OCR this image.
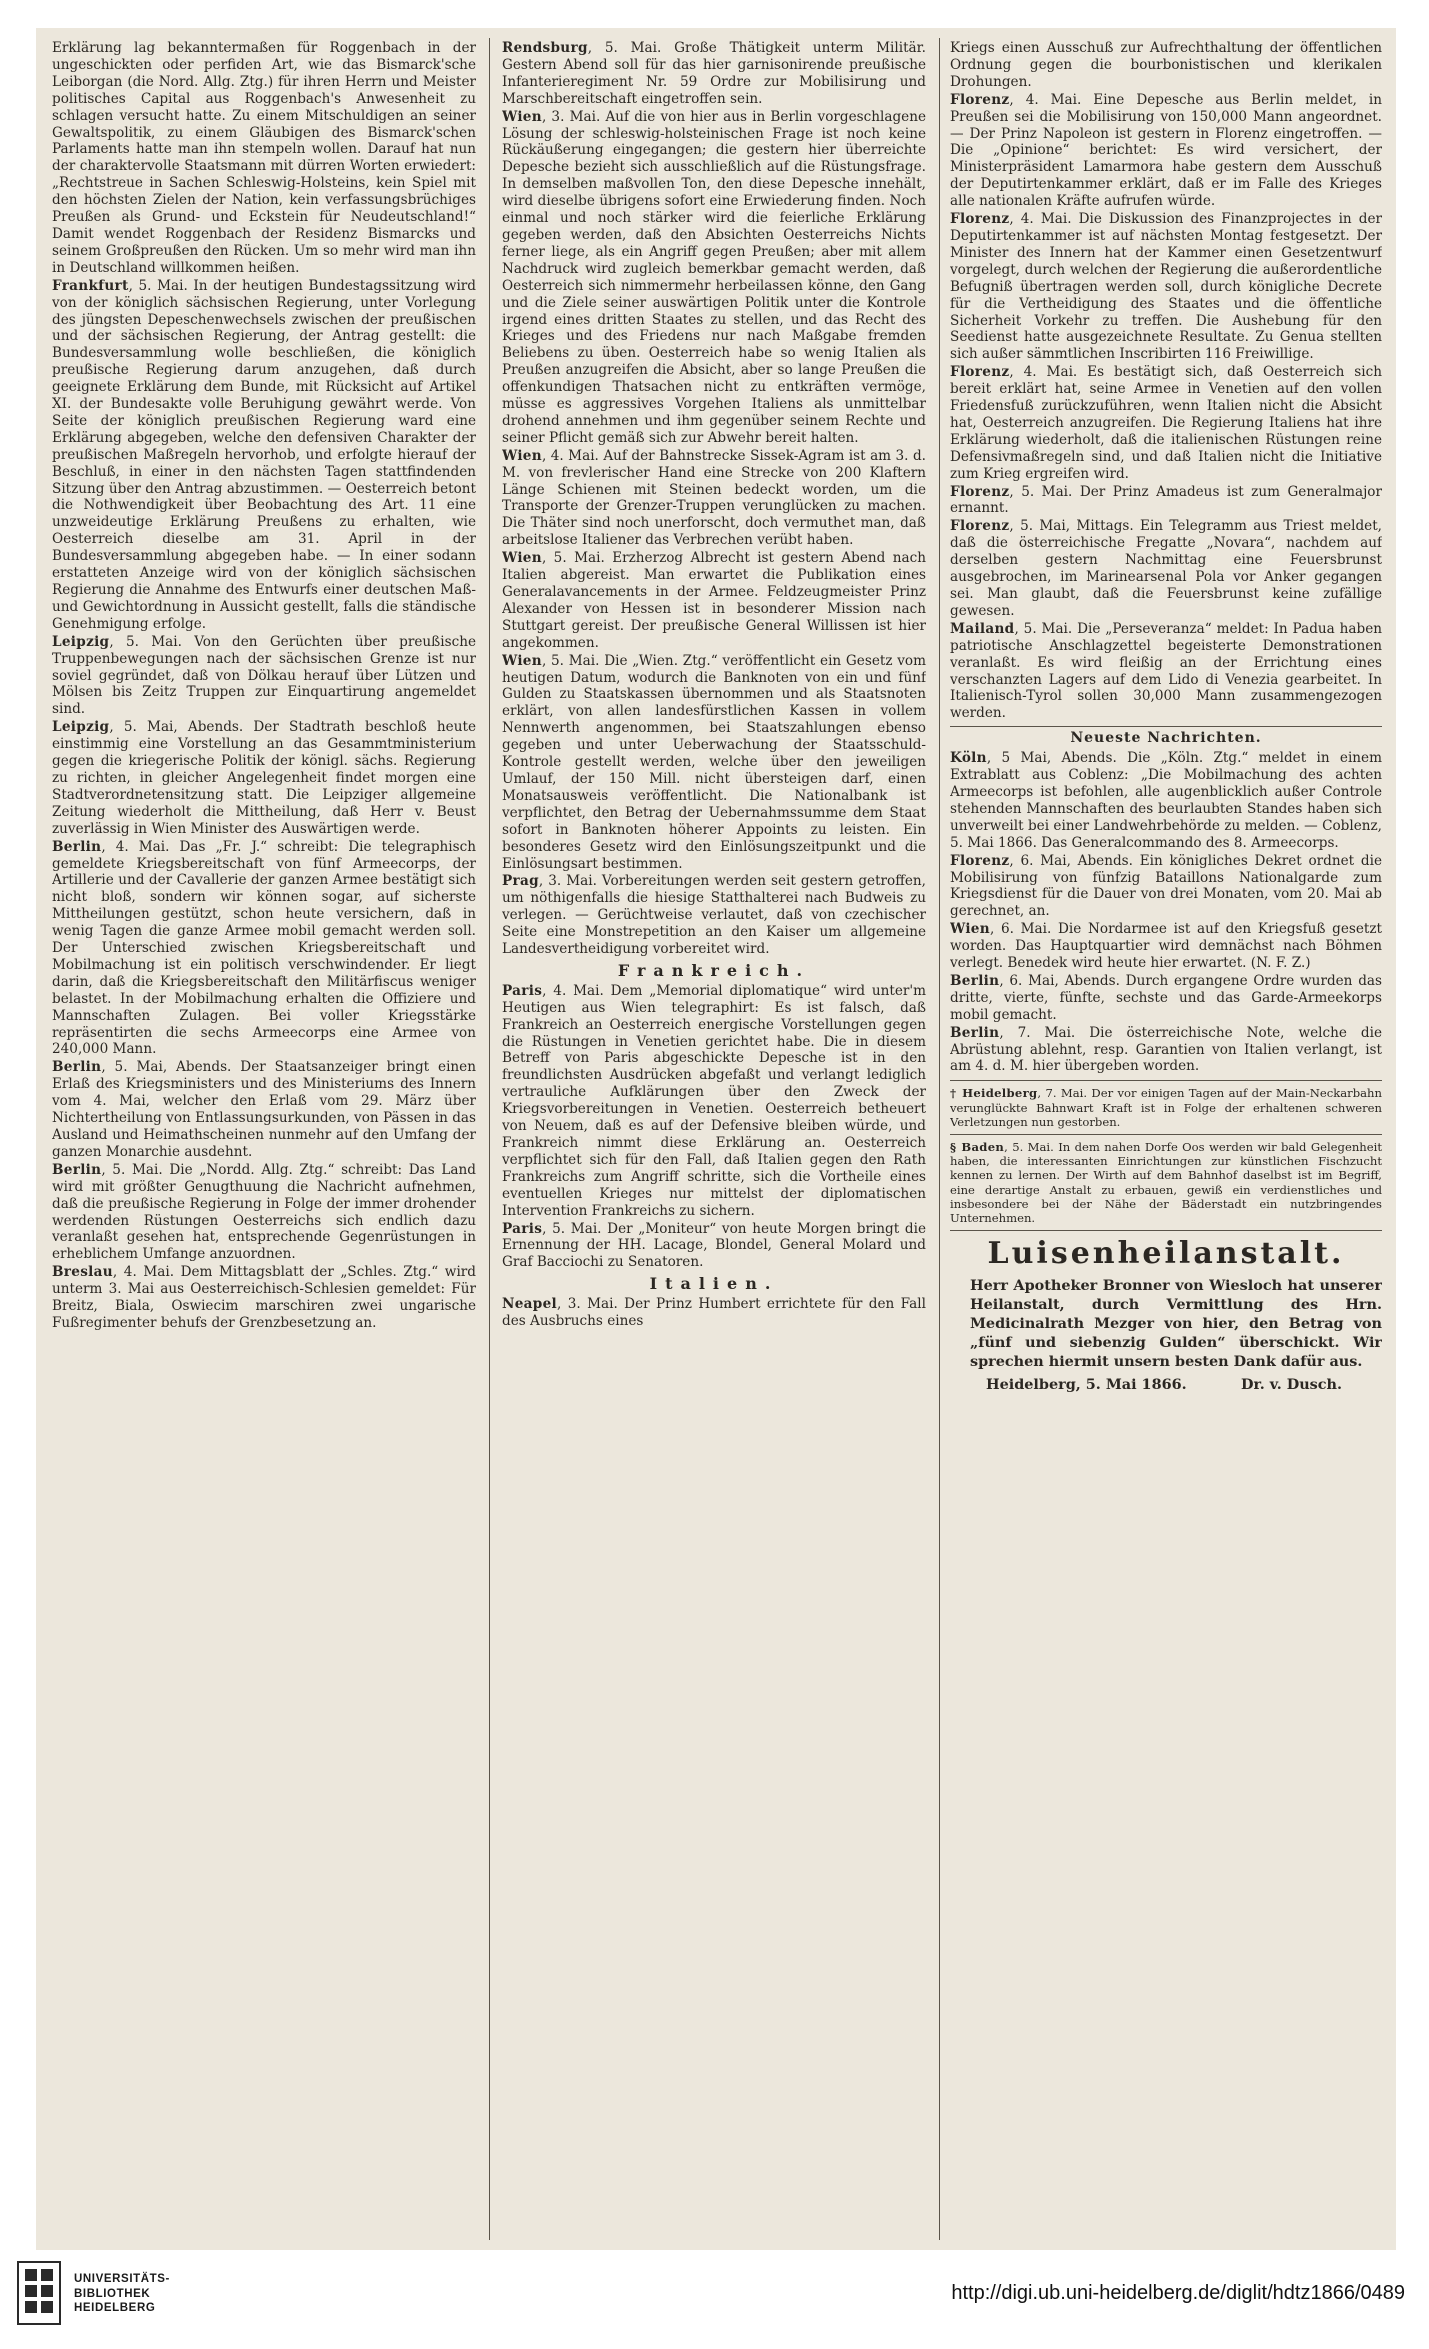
Erklärung lag bekanntermaßen für Roggenbach in der ungeschickten oder perfiden Art, wie das Bismarck'sche Leiborgan (die Nord. Allg. Ztg.) für ihren Herrn und Meister politisches Capital aus Roggenbach's Anwesenheit zu schlagen versucht hatte. Zu einem Mitschuldigen an seiner Gewaltspolitik, zu einem Gläubigen des Bismarck'schen Parlaments hatte man ihn stempeln wollen. Darauf hat nun der charaktervolle Staatsmann mit dürren Worten erwiedert: „Rechtstreue in Sachen Schleswig-Holsteins, kein Spiel mit den höchsten Zielen der Nation, kein verfassungsbrüchiges Preußen als Grund- und Eckstein für Neudeutschland!“ Damit wendet Roggenbach der Residenz Bismarcks und seinem Großpreußen den Rücken. Um so mehr wird man ihn in Deutschland willkommen heißen.

Frankfurt, 5. Mai. In der heutigen Bundestagssitzung wird von der königlich sächsischen Regierung, unter Vorlegung des jüngsten Depeschenwechsels zwischen der preußischen und der sächsischen Regierung, der Antrag gestellt: die Bundesversammlung wolle beschließen, die königlich preußische Regierung darum anzugehen, daß durch geeignete Erklärung dem Bunde, mit Rücksicht auf Artikel XI. der Bundesakte volle Beruhigung gewährt werde. Von Seite der königlich preußischen Regierung ward eine Erklärung abgegeben, welche den defensiven Charakter der preußischen Maßregeln hervorhob, und erfolgte hierauf der Beschluß, in einer in den nächsten Tagen stattfindenden Sitzung über den Antrag abzustimmen. — Oesterreich betont die Nothwendigkeit über Beobachtung des Art. 11 eine unzweideutige Erklärung Preußens zu erhalten, wie Oesterreich dieselbe am 31. April in der Bundesversammlung abgegeben habe. — In einer sodann erstatteten Anzeige wird von der königlich sächsischen Regierung die Annahme des Entwurfs einer deutschen Maß- und Gewichtordnung in Aussicht gestellt, falls die ständische Genehmigung erfolge.

Leipzig, 5. Mai. Von den Gerüchten über preußische Truppenbewegungen nach der sächsischen Grenze ist nur soviel gegründet, daß von Dölkau herauf über Lützen und Mölsen bis Zeitz Truppen zur Einquartirung angemeldet sind.

Leipzig, 5. Mai, Abends. Der Stadtrath beschloß heute einstimmig eine Vorstellung an das Gesammtministerium gegen die kriegerische Politik der königl. sächs. Regierung zu richten, in gleicher Angelegenheit findet morgen eine Stadtverordnetensitzung statt. Die Leipziger allgemeine Zeitung wiederholt die Mittheilung, daß Herr v. Beust zuverlässig in Wien Minister des Auswärtigen werde.

Berlin, 4. Mai. Das „Fr. J.“ schreibt: Die telegraphisch gemeldete Kriegsbereitschaft von fünf Armeecorps, der Artillerie und der Cavallerie der ganzen Armee bestätigt sich nicht bloß, sondern wir können sogar, auf sicherste Mittheilungen gestützt, schon heute versichern, daß in wenig Tagen die ganze Armee mobil gemacht werden soll. Der Unterschied zwischen Kriegsbereitschaft und Mobilmachung ist ein politisch verschwindender. Er liegt darin, daß die Kriegsbereitschaft den Militärfiscus weniger belastet. In der Mobilmachung erhalten die Offiziere und Mannschaften Zulagen. Bei voller Kriegsstärke repräsentirten die sechs Armeecorps eine Armee von 240,000 Mann.

Berlin, 5. Mai, Abends. Der Staatsanzeiger bringt einen Erlaß des Kriegsministers und des Ministeriums des Innern vom 4. Mai, welcher den Erlaß vom 29. März über Nichtertheilung von Entlassungsurkunden, von Pässen in das Ausland und Heimathscheinen nunmehr auf den Umfang der ganzen Monarchie ausdehnt.

Berlin, 5. Mai. Die „Nordd. Allg. Ztg.“ schreibt: Das Land wird mit größter Genugthuung die Nachricht aufnehmen, daß die preußische Regierung in Folge der immer drohender werdenden Rüstungen Oesterreichs sich endlich dazu veranlaßt gesehen hat, entsprechende Gegenrüstungen in erheblichem Umfange anzuordnen.

Breslau, 4. Mai. Dem Mittagsblatt der „Schles. Ztg.“ wird unterm 3. Mai aus Oesterreichisch-Schlesien gemeldet: Für Breitz, Biala, Oswiecim marschiren zwei ungarische Fußregimenter behufs der Grenzbesetzung an.

Rendsburg, 5. Mai. Große Thätigkeit unterm Militär. Gestern Abend soll für das hier garnisonirende preußische Infanterieregiment Nr. 59 Ordre zur Mobilisirung und Marschbereitschaft eingetroffen sein.

Wien, 3. Mai. Auf die von hier aus in Berlin vorgeschlagene Lösung der schleswig-holsteinischen Frage ist noch keine Rückäußerung eingegangen; die gestern hier überreichte Depesche bezieht sich ausschließlich auf die Rüstungsfrage. In demselben maßvollen Ton, den diese Depesche innehält, wird dieselbe übrigens sofort eine Erwiederung finden. Noch einmal und noch stärker wird die feierliche Erklärung gegeben werden, daß den Absichten Oesterreichs Nichts ferner liege, als ein Angriff gegen Preußen; aber mit allem Nachdruck wird zugleich bemerkbar gemacht werden, daß Oesterreich sich nimmermehr herbeilassen könne, den Gang und die Ziele seiner auswärtigen Politik unter die Kontrole irgend eines dritten Staates zu stellen, und das Recht des Krieges und des Friedens nur nach Maßgabe fremden Beliebens zu üben. Oesterreich habe so wenig Italien als Preußen anzugreifen die Absicht, aber so lange Preußen die offenkundigen Thatsachen nicht zu entkräften vermöge, müsse es aggressives Vorgehen Italiens als unmittelbar drohend annehmen und ihm gegenüber seinem Rechte und seiner Pflicht gemäß sich zur Abwehr bereit halten.

Wien, 4. Mai. Auf der Bahnstrecke Sissek-Agram ist am 3. d. M. von frevlerischer Hand eine Strecke von 200 Klaftern Länge Schienen mit Steinen bedeckt worden, um die Transporte der Grenzer-Truppen verunglücken zu machen. Die Thäter sind noch unerforscht, doch vermuthet man, daß arbeitslose Italiener das Verbrechen verübt haben.

Wien, 5. Mai. Erzherzog Albrecht ist gestern Abend nach Italien abgereist. Man erwartet die Publikation eines Generalavancements in der Armee. Feldzeugmeister Prinz Alexander von Hessen ist in besonderer Mission nach Stuttgart gereist. Der preußische General Willissen ist hier angekommen.

Wien, 5. Mai. Die „Wien. Ztg.“ veröffentlicht ein Gesetz vom heutigen Datum, wodurch die Banknoten von ein und fünf Gulden zu Staatskassen übernommen und als Staatsnoten erklärt, von allen landesfürstlichen Kassen in vollem Nennwerth angenommen, bei Staatszahlungen ebenso gegeben und unter Ueberwachung der Staatsschuld-Kontrole gestellt werden, welche über den jeweiligen Umlauf, der 150 Mill. nicht übersteigen darf, einen Monatsausweis veröffentlicht. Die Nationalbank ist verpflichtet, den Betrag der Uebernahmssumme dem Staat sofort in Banknoten höherer Appoints zu leisten. Ein besonderes Gesetz wird den Einlösungszeitpunkt und die Einlösungsart bestimmen.

Prag, 3. Mai. Vorbereitungen werden seit gestern getroffen, um nöthigenfalls die hiesige Statthalterei nach Budweis zu verlegen. — Gerüchtweise verlautet, daß von czechischer Seite eine Monstrepetition an den Kaiser um allgemeine Landesvertheidigung vorbereitet wird.

Frankreich.

Paris, 4. Mai. Dem „Memorial diplomatique“ wird unter'm Heutigen aus Wien telegraphirt: Es ist falsch, daß Frankreich an Oesterreich energische Vorstellungen gegen die Rüstungen in Venetien gerichtet habe. Die in diesem Betreff von Paris abgeschickte Depesche ist in den freundlichsten Ausdrücken abgefaßt und verlangt lediglich vertrauliche Aufklärungen über den Zweck der Kriegsvorbereitungen in Venetien. Oesterreich betheuert von Neuem, daß es auf der Defensive bleiben würde, und Frankreich nimmt diese Erklärung an. Oesterreich verpflichtet sich für den Fall, daß Italien gegen den Rath Frankreichs zum Angriff schritte, sich die Vortheile eines eventuellen Krieges nur mittelst der diplomatischen Intervention Frankreichs zu sichern.

Paris, 5. Mai. Der „Moniteur“ von heute Morgen bringt die Ernennung der HH. Lacage, Blondel, General Molard und Graf Bacciochi zu Senatoren.

Italien.

Neapel, 3. Mai. Der Prinz Humbert errichtete für den Fall des Ausbruchs eines

Kriegs einen Ausschuß zur Aufrechthaltung der öffentlichen Ordnung gegen die bourbonistischen und klerikalen Drohungen.

Florenz, 4. Mai. Eine Depesche aus Berlin meldet, in Preußen sei die Mobilisirung von 150,000 Mann angeordnet. — Der Prinz Napoleon ist gestern in Florenz eingetroffen. — Die „Opinione“ berichtet: Es wird versichert, der Ministerpräsident Lamarmora habe gestern dem Ausschuß der Deputirtenkammer erklärt, daß er im Falle des Krieges alle nationalen Kräfte aufrufen würde.

Florenz, 4. Mai. Die Diskussion des Finanzprojectes in der Deputirtenkammer ist auf nächsten Montag festgesetzt. Der Minister des Innern hat der Kammer einen Gesetzentwurf vorgelegt, durch welchen der Regierung die außerordentliche Befugniß übertragen werden soll, durch königliche Decrete für die Vertheidigung des Staates und die öffentliche Sicherheit Vorkehr zu treffen. Die Aushebung für den Seedienst hatte ausgezeichnete Resultate. Zu Genua stellten sich außer sämmtlichen Inscribirten 116 Freiwillige.

Florenz, 4. Mai. Es bestätigt sich, daß Oesterreich sich bereit erklärt hat, seine Armee in Venetien auf den vollen Friedensfuß zurückzuführen, wenn Italien nicht die Absicht hat, Oesterreich anzugreifen. Die Regierung Italiens hat ihre Erklärung wiederholt, daß die italienischen Rüstungen reine Defensivmaßregeln sind, und daß Italien nicht die Initiative zum Krieg ergreifen wird.

Florenz, 5. Mai. Der Prinz Amadeus ist zum Generalmajor ernannt.

Florenz, 5. Mai, Mittags. Ein Telegramm aus Triest meldet, daß die österreichische Fregatte „Novara“, nachdem auf derselben gestern Nachmittag eine Feuersbrunst ausgebrochen, im Marinearsenal Pola vor Anker gegangen sei. Man glaubt, daß die Feuersbrunst keine zufällige gewesen.

Mailand, 5. Mai. Die „Perseveranza“ meldet: In Padua haben patriotische Anschlagzettel begeisterte Demonstrationen veranlaßt. Es wird fleißig an der Errichtung eines verschanzten Lagers auf dem Lido di Venezia gearbeitet. In Italienisch-Tyrol sollen 30,000 Mann zusammengezogen werden.

Neueste Nachrichten.

Köln, 5 Mai, Abends. Die „Köln. Ztg.“ meldet in einem Extrablatt aus Coblenz: „Die Mobilmachung des achten Armeecorps ist befohlen, alle augenblicklich außer Controle stehenden Mannschaften des beurlaubten Standes haben sich unverweilt bei einer Landwehrbehörde zu melden. — Coblenz, 5. Mai 1866. Das Generalcommando des 8. Armeecorps.

Florenz, 6. Mai, Abends. Ein königliches Dekret ordnet die Mobilisirung von fünfzig Bataillons Nationalgarde zum Kriegsdienst für die Dauer von drei Monaten, vom 20. Mai ab gerechnet, an.

Wien, 6. Mai. Die Nordarmee ist auf den Kriegsfuß gesetzt worden. Das Hauptquartier wird demnächst nach Böhmen verlegt. Benedek wird heute hier erwartet. (N. F. Z.)

Berlin, 6. Mai, Abends. Durch ergangene Ordre wurden das dritte, vierte, fünfte, sechste und das Garde-Armeekorps mobil gemacht.

Berlin, 7. Mai. Die österreichische Note, welche die Abrüstung ablehnt, resp. Garantien von Italien verlangt, ist am 4. d. M. hier übergeben worden.

† Heidelberg, 7. Mai. Der vor einigen Tagen auf der Main-Neckarbahn verunglückte Bahnwart Kraft ist in Folge der erhaltenen schweren Verletzungen nun gestorben.

§ Baden, 5. Mai. In dem nahen Dorfe Oos werden wir bald Gelegenheit haben, die interessanten Einrichtungen zur künstlichen Fischzucht kennen zu lernen. Der Wirth auf dem Bahnhof daselbst ist im Begriff, eine derartige Anstalt zu erbauen, gewiß ein verdienstliches und insbesondere bei der Nähe der Bäderstadt ein nutzbringendes Unternehmen.

Luisenheilanstalt.
Herr Apotheker Bronner von Wiesloch hat unserer Heilanstalt, durch Vermittlung des Hrn. Medicinalrath Mezger von hier, den Betrag von „fünf und siebenzig Gulden“ überschickt. Wir sprechen hiermit unsern besten Dank dafür aus.
Heidelberg, 5. Mai 1866.	Dr. v. Dusch.
UNIVERSITÄTS-
BIBLIOTHEK
HEIDELBERG
http://digi.ub.uni-heidelberg.de/diglit/hdtz1866/0489
